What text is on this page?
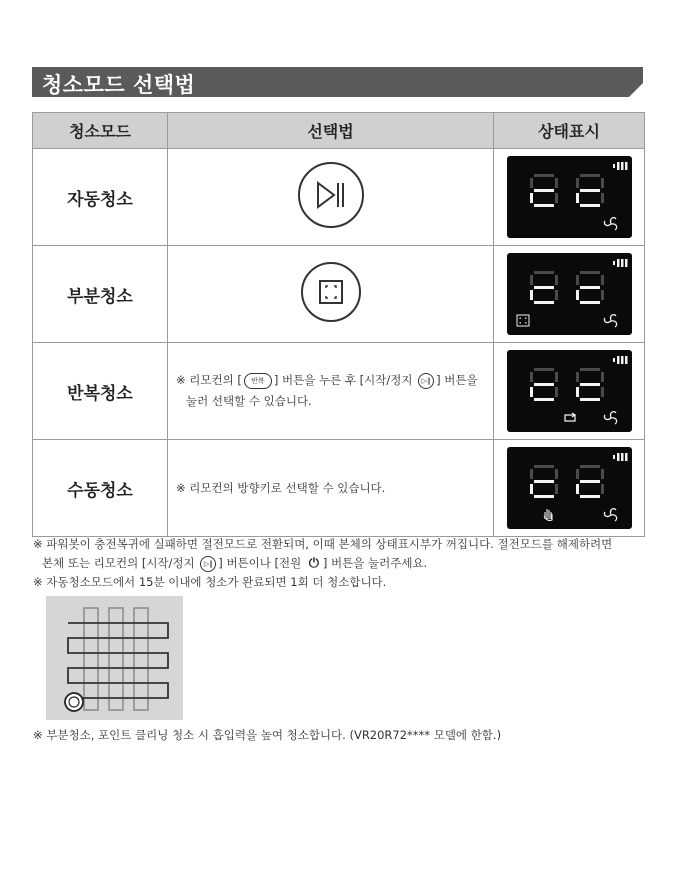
청소모드 선택법
청소모드	선택법	상태표시
자동청소		

부분청소		

반복청소	※ 리모컨의 [ 반복 ] 버튼을 누른 후 [시작/정지 ▷‖ ] 버튼을
눌러 선택할 수 있습니다.

수동청소	※ 리모컨의 방향키로 선택할 수 있습니다.	
※ 파워봇이 충전복귀에 실패하면 절전모드로 전환되며, 이때 본체의 상태표시부가 꺼집니다. 절전모드를 해제하려면
본체 또는 리모컨의 [시작/정지 ▷‖ ] 버튼이나 [전원 ⏻ ] 버튼을 눌러주세요.
※ 자동청소모드에서 15분 이내에 청소가 완료되면 1회 더 청소합니다.
※ 부분청소, 포인트 클리닝 청소 시 흡입력을 높여 청소합니다. (VR20R72**** 모델에 한함.)
